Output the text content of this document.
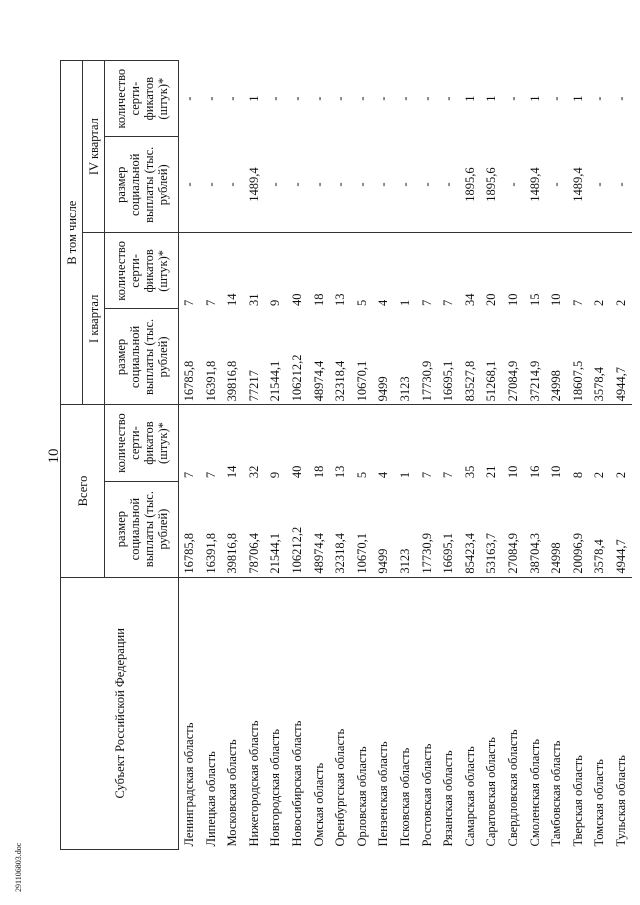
10
Субъект Российской Федерации	Всего		В том числе			
			I квартал		IV квартал	
	размер социальной выплаты (тыс. рублей)	количество серти- фикатов (штук)*	размер социальной выплаты (тыс. рублей)	количество серти- фикатов (штук)*	размер социальной выплаты (тыс. рублей)	количество серти- фикатов (штук)*
Ленинградская область	16785,8	7	16785,8	7	-	-
Липецкая область	16391,8	7	16391,8	7	-	-
Московская область	39816,8	14	39816,8	14	-	-
Нижегородская область	78706,4	32	77217	31	1489,4	1
Новгородская область	21544,1	9	21544,1	9	-	-
Новосибирская область	106212,2	40	106212,2	40	-	-
Омская область	48974,4	18	48974,4	18	-	-
Оренбургская область	32318,4	13	32318,4	13	-	-
Орловская область	10670,1	5	10670,1	5	-	-
Пензенская область	9499	4	9499	4	-	-
Псковская область	3123	1	3123	1	-	-
Ростовская область	17730,9	7	17730,9	7	-	-
Рязанская область	16695,1	7	16695,1	7	-	-
Самарская область	85423,4	35	83527,8	34	1895,6	1
Саратовская область	53163,7	21	51268,1	20	1895,6	1
Свердловская область	27084,9	10	27084,9	10	-	-
Смоленская область	38704,3	16	37214,9	15	1489,4	1
Тамбовская область	24998	10	24998	10	-	-
Тверская область	20096,9	8	18607,5	7	1489,4	1
Томская область	3578,4	2	3578,4	2	-	-
Тульская область	4944,7	2	4944,7	2	-	-
291106803.doc
